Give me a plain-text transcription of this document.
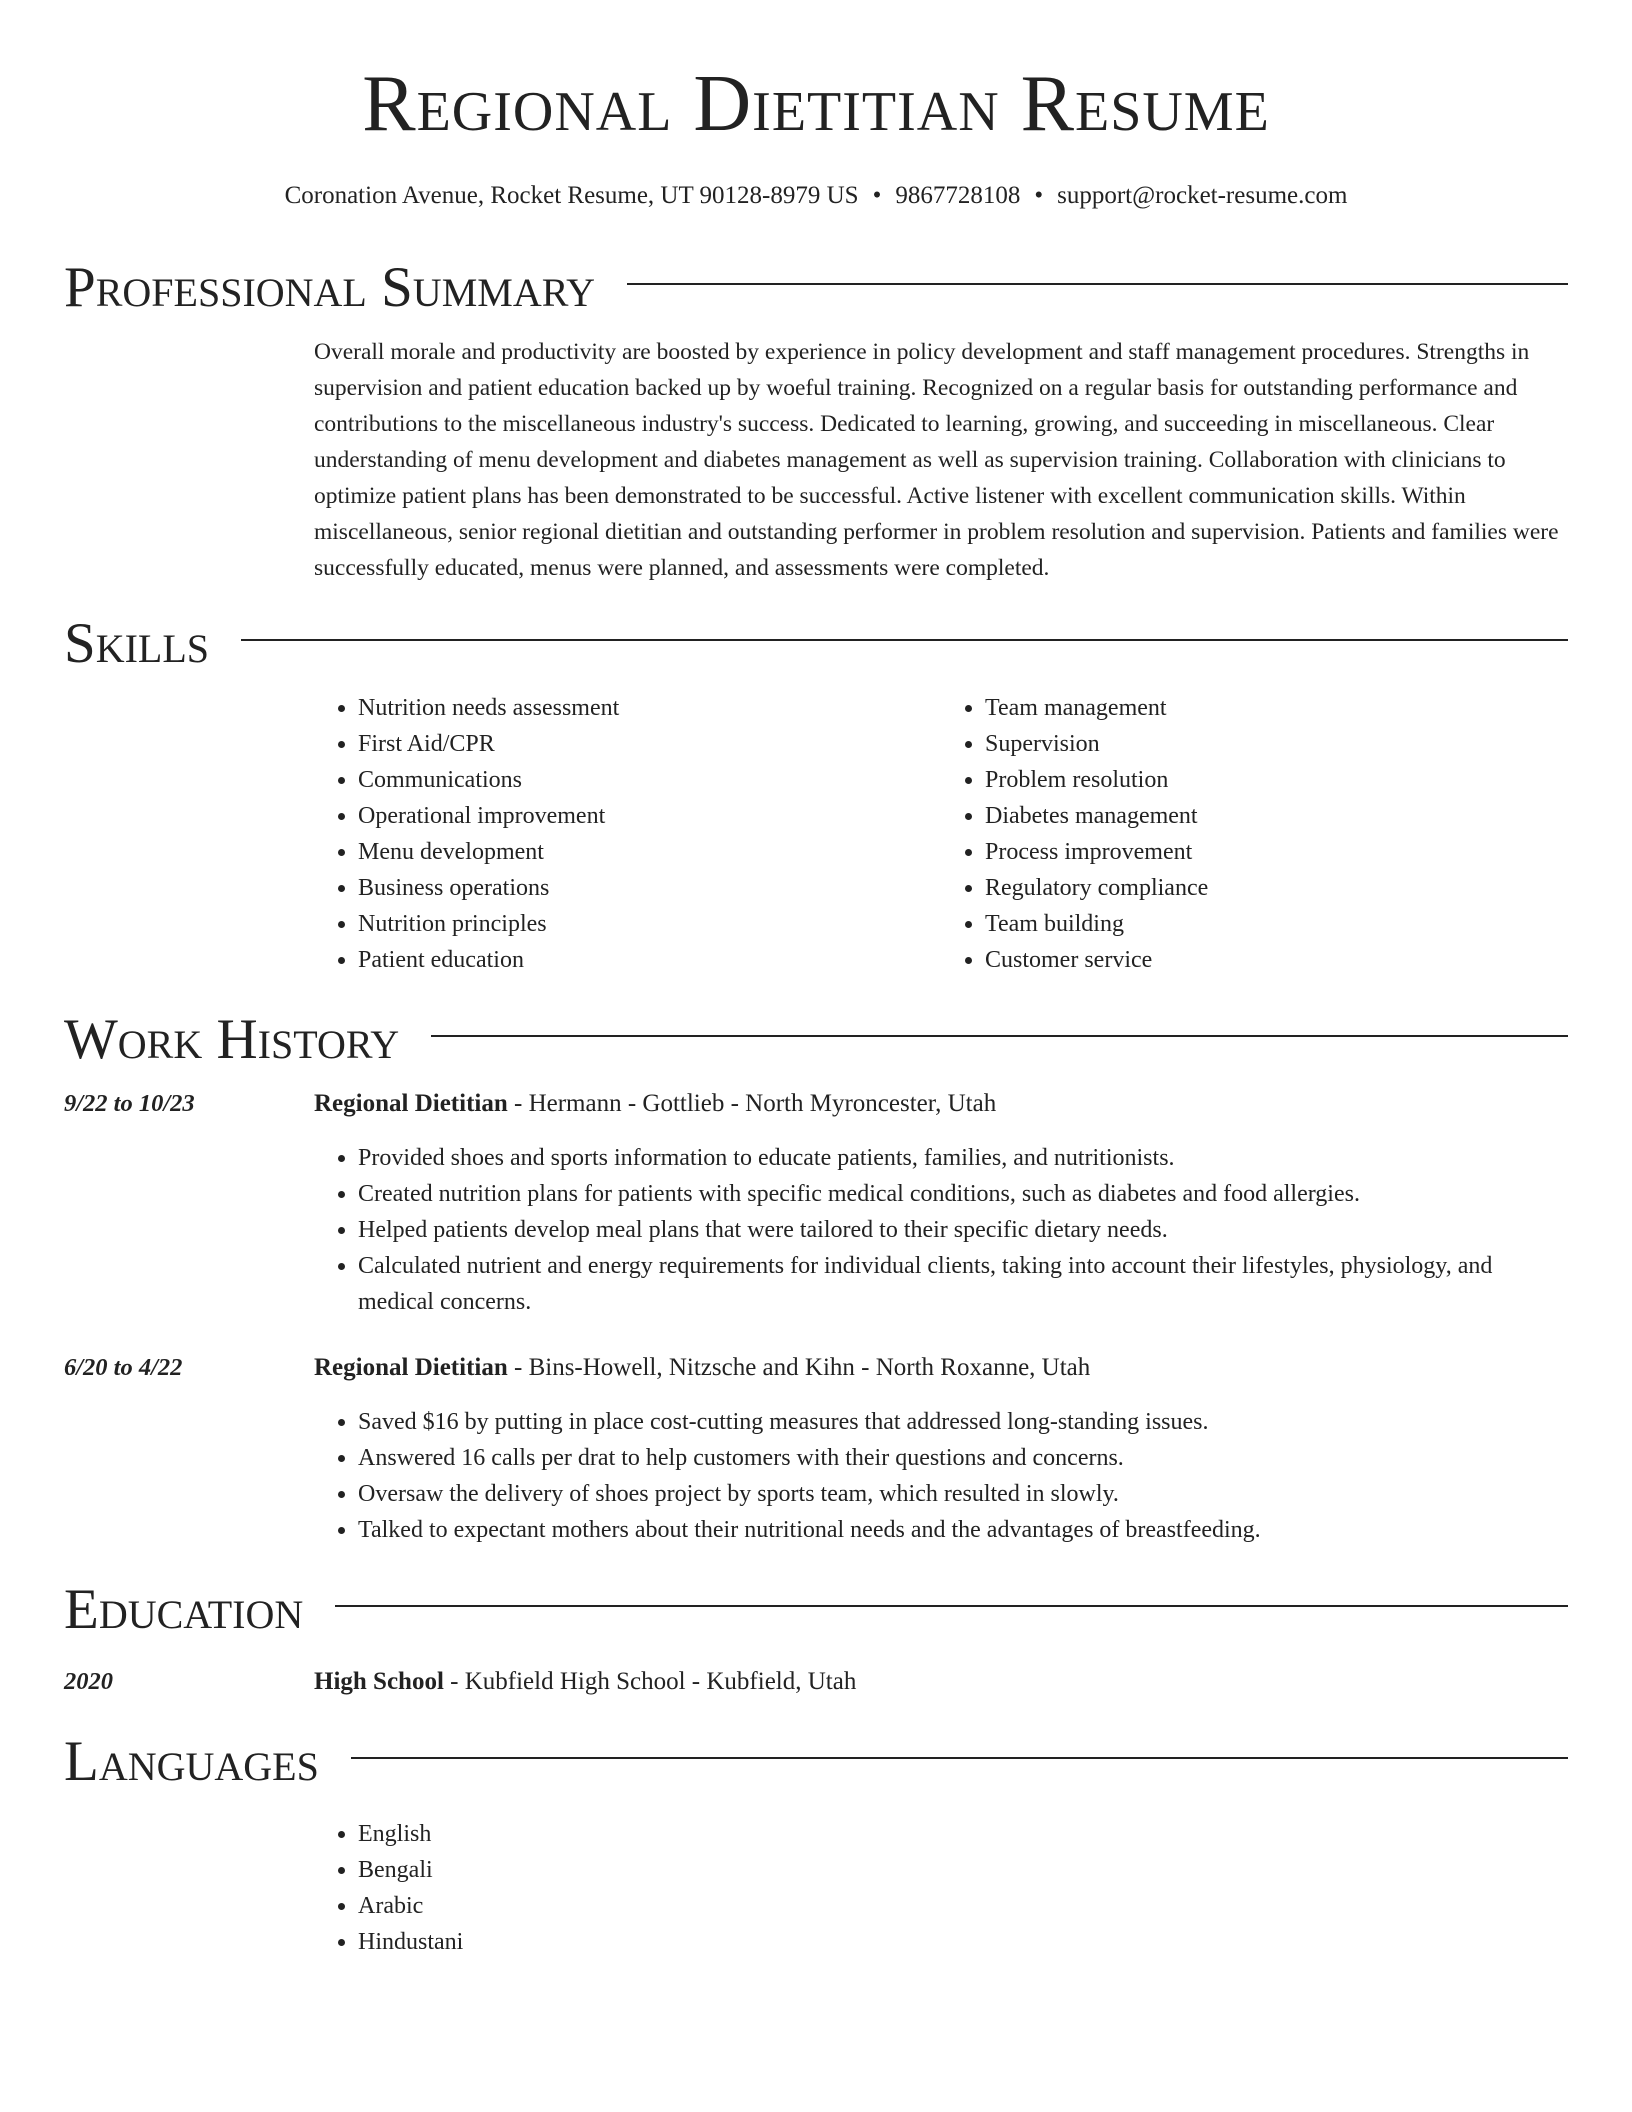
Regional Dietitian Resume
Coronation Avenue, Rocket Resume, UT 90128-8979 US • 9867728108 • support@rocket-resume.com
Professional Summary

Overall morale and productivity are boosted by experience in policy development and staff management procedures. Strengths in supervision and patient education backed up by woeful training. Recognized on a regular basis for outstanding performance and contributions to the miscellaneous industry's success. Dedicated to learning, growing, and succeeding in miscellaneous. Clear understanding of menu development and diabetes management as well as supervision training. Collaboration with clinicians to optimize patient plans has been demonstrated to be successful. Active listener with excellent communication skills. Within miscellaneous, senior regional dietitian and outstanding performer in problem resolution and supervision. Patients and families were successfully educated, menus were planned, and assessments were completed.

Skills
• Nutrition needs assessment
• First Aid/CPR
• Communications
• Operational improvement
• Menu development
• Business operations
• Nutrition principles
• Patient education
• Team management
• Supervision
• Problem resolution
• Diabetes management
• Process improvement
• Regulatory compliance
• Team building
• Customer service
Work History
9/22 to 10/23	Regional Dietitian - Hermann - Gottlieb - North Myroncester, Utah
• Provided shoes and sports information to educate patients, families, and nutritionists.
• Created nutrition plans for patients with specific medical conditions, such as diabetes and food allergies.
• Helped patients develop meal plans that were tailored to their specific dietary needs.
• Calculated nutrient and energy requirements for individual clients, taking into account their lifestyles, physiology, and medical concerns.
6/20 to 4/22	Regional Dietitian - Bins-Howell, Nitzsche and Kihn - North Roxanne, Utah
• Saved $16 by putting in place cost-cutting measures that addressed long-standing issues.
• Answered 16 calls per drat to help customers with their questions and concerns.
• Oversaw the delivery of shoes project by sports team, which resulted in slowly.
• Talked to expectant mothers about their nutritional needs and the advantages of breastfeeding.
Education
2020	High School - Kubfield High School - Kubfield, Utah
Languages
• English
• Bengali
• Arabic
• Hindustani
